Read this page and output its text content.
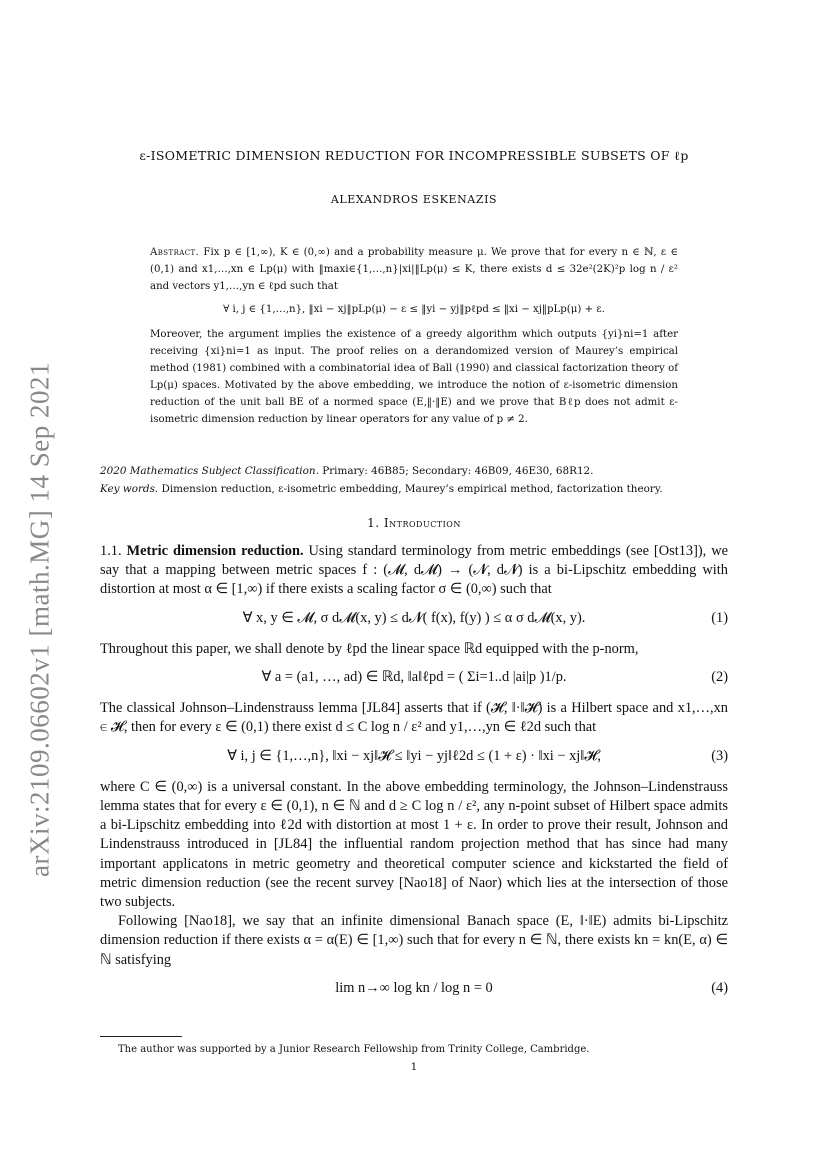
arXiv:2109.06602v1 [math.MG] 14 Sep 2021
ε-ISOMETRIC DIMENSION REDUCTION FOR INCOMPRESSIBLE SUBSETS OF ℓp
ALEXANDROS ESKENAZIS
Abstract. Fix p ∈ [1,∞), K ∈ (0,∞) and a probability measure μ. We prove that for every n ∈ ℕ, ε ∈ (0,1) and x1,…,xn ∈ Lp(μ) with ‖maxi∈{1,…,n}|xi|‖Lp(μ) ≤ K, there exists d ≤ 32e²(2K)²p log n / ε² and vectors y1,…,yn ∈ ℓpd such that
∀ i, j ∈ {1,…,n}, ‖xi − xj‖pLp(μ) − ε ≤ ‖yi − yj‖pℓpd ≤ ‖xi − xj‖pLp(μ) + ε.
Moreover, the argument implies the existence of a greedy algorithm which outputs {yi}ni=1 after receiving {xi}ni=1 as input. The proof relies on a derandomized version of Maurey’s empirical method (1981) combined with a combinatorial idea of Ball (1990) and classical factorization theory of Lp(μ) spaces. Motivated by the above embedding, we introduce the notion of ε-isometric dimension reduction of the unit ball BE of a normed space (E,‖·‖E) and we prove that Bℓp does not admit ε-isometric dimension reduction by linear operators for any value of p ≠ 2.
2020 Mathematics Subject Classification. Primary: 46B85; Secondary: 46B09, 46E30, 68R12.
Key words. Dimension reduction, ε-isometric embedding, Maurey’s empirical method, factorization theory.
1. Introduction

1.1. Metric dimension reduction. Using standard terminology from metric embeddings (see [Ost13]), we say that a mapping between metric spaces f : (𝓜, d𝓜) → (𝓝, d𝓝) is a bi-Lipschitz embedding with distortion at most α ∈ [1,∞) if there exists a scaling factor σ ∈ (0,∞) such that

∀ x, y ∈ 𝓜, σ d𝓜(x, y) ≤ d𝓝( f(x), f(y) ) ≤ α σ d𝓜(x, y).	(1)

Throughout this paper, we shall denote by ℓpd the linear space ℝd equipped with the p-norm,

∀ a = (a1, …, ad) ∈ ℝd, ‖a‖ℓpd = ( Σi=1..d |ai|p )1/p.	(2)

The classical Johnson–Lindenstrauss lemma [JL84] asserts that if (𝓗, ‖·‖𝓗) is a Hilbert space and x1,…,xn ∈ 𝓗, then for every ε ∈ (0,1) there exist d ≤ C log n / ε² and y1,…,yn ∈ ℓ2d such that

∀ i, j ∈ {1,…,n}, ‖xi − xj‖𝓗 ≤ ‖yi − yj‖ℓ2d ≤ (1 + ε) · ‖xi − xj‖𝓗,	(3)

where C ∈ (0,∞) is a universal constant. In the above embedding terminology, the Johnson–Lindenstrauss lemma states that for every ε ∈ (0,1), n ∈ ℕ and d ≥ C log n / ε², any n-point subset of Hilbert space admits a bi-Lipschitz embedding into ℓ2d with distortion at most 1 + ε. In order to prove their result, Johnson and Lindenstrauss introduced in [JL84] the influential random projection method that has since had many important applicatons in metric geometry and theoretical computer science and kickstarted the field of metric dimension reduction (see the recent survey [Nao18] of Naor) which lies at the intersection of those two subjects.

Following [Nao18], we say that an infinite dimensional Banach space (E, ‖·‖E) admits bi-Lipschitz dimension reduction if there exists α = α(E) ∈ [1,∞) such that for every n ∈ ℕ, there exists kn = kn(E, α) ∈ ℕ satisfying

lim n→∞ log kn / log n = 0	(4)
The author was supported by a Junior Research Fellowship from Trinity College, Cambridge.
1
